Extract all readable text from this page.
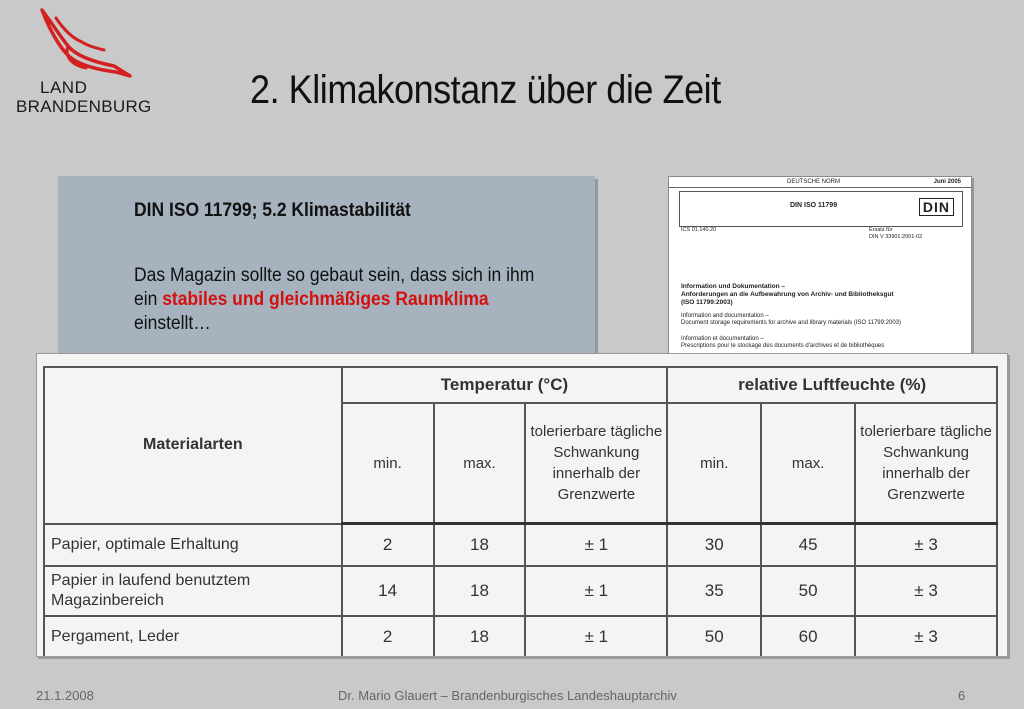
LAND
BRANDENBURG 2. Klimakonstanz über die Zeit
DIN ISO 11799; 5.2 Klimastabilität
Das Magazin sollte so gebaut sein, dass sich in ihm ein stabiles und gleichmäßiges Raumklima einstellt…
DEUTSCHE NORM	Juni 2005
DIN ISO 11799	DIN
ICS 01.140.20	Ersatz für
DIN V 33901:2001-02
Information und Dokumentation –
Anforderungen an die Aufbewahrung von Archiv- und Bibliotheksgut
(ISO 11799:2003)
Information and documentation –
Document storage requirements for archive and library materials (ISO 11799:2003)
Information et documentation –
Prescriptions pour le stockage des documents d'archives et de bibliothèques
Materialarten	Temperatur (°C)			relative Luftfeuchte (%)		
	min.	max.	tolerierbare tägliche Schwankung innerhalb der Grenzwerte	min.	max.	tolerierbare tägliche Schwankung innerhalb der Grenzwerte
Papier, optimale Erhaltung	2	18	± 1	30	45	± 3
Papier in laufend benutztem Magazinbereich	14	18	± 1	35	50	± 3
Pergament, Leder	2	18	± 1	50	60	± 3
21.1.2008	Dr. Mario Glauert – Brandenburgisches Landeshauptarchiv	6
